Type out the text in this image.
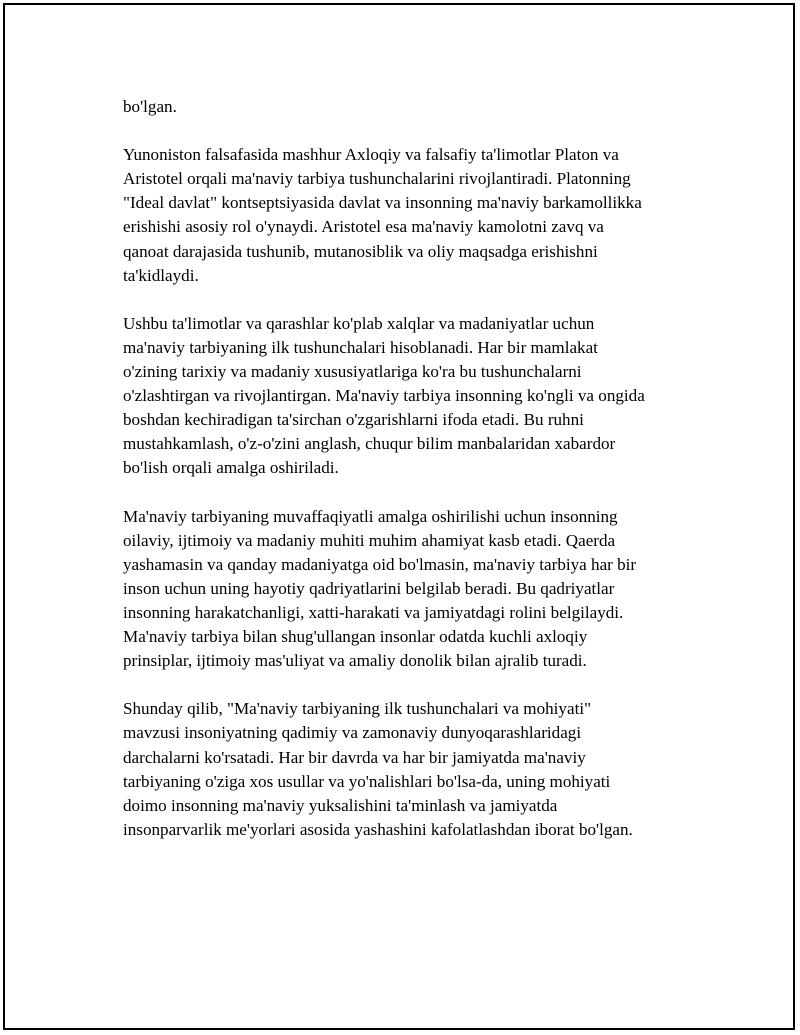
bo'lgan.
Yunoniston falsafasida mashhur Axloqiy va falsafiy ta'limotlar Platon va
Aristotel orqali ma'naviy tarbiya tushunchalarini rivojlantiradi. Platonning
"Ideal davlat" kontseptsiyasida davlat va insonning ma'naviy barkamollikka
erishishi asosiy rol o'ynaydi. Aristotel esa ma'naviy kamolotni zavq va
qanoat darajasida tushunib, mutanosiblik va oliy maqsadga erishishni
ta'kidlaydi.
Ushbu ta'limotlar va qarashlar ko'plab xalqlar va madaniyatlar uchun
ma'naviy tarbiyaning ilk tushunchalari hisoblanadi. Har bir mamlakat
o'zining tarixiy va madaniy xususiyatlariga ko'ra bu tushunchalarni
o'zlashtirgan va rivojlantirgan. Ma'naviy tarbiya insonning ko'ngli va ongida
boshdan kechiradigan ta'sirchan o'zgarishlarni ifoda etadi. Bu ruhni
mustahkamlash, o'z-o'zini anglash, chuqur bilim manbalaridan xabardor
bo'lish orqali amalga oshiriladi.
Ma'naviy tarbiyaning muvaffaqiyatli amalga oshirilishi uchun insonning
oilaviy, ijtimoiy va madaniy muhiti muhim ahamiyat kasb etadi. Qaerda
yashamasin va qanday madaniyatga oid bo'lmasin, ma'naviy tarbiya har bir
inson uchun uning hayotiy qadriyatlarini belgilab beradi. Bu qadriyatlar
insonning harakatchanligi, xatti-harakati va jamiyatdagi rolini belgilaydi.
Ma'naviy tarbiya bilan shug'ullangan insonlar odatda kuchli axloqiy
prinsiplar, ijtimoiy mas'uliyat va amaliy donolik bilan ajralib turadi.
Shunday qilib, "Ma'naviy tarbiyaning ilk tushunchalari va mohiyati"
mavzusi insoniyatning qadimiy va zamonaviy dunyoqarashlaridagi
darchalarni ko'rsatadi. Har bir davrda va har bir jamiyatda ma'naviy
tarbiyaning o'ziga xos usullar va yo'nalishlari bo'lsa-da, uning mohiyati
doimo insonning ma'naviy yuksalishini ta'minlash va jamiyatda
insonparvarlik me'yorlari asosida yashashini kafolatlashdan iborat bo'lgan.
